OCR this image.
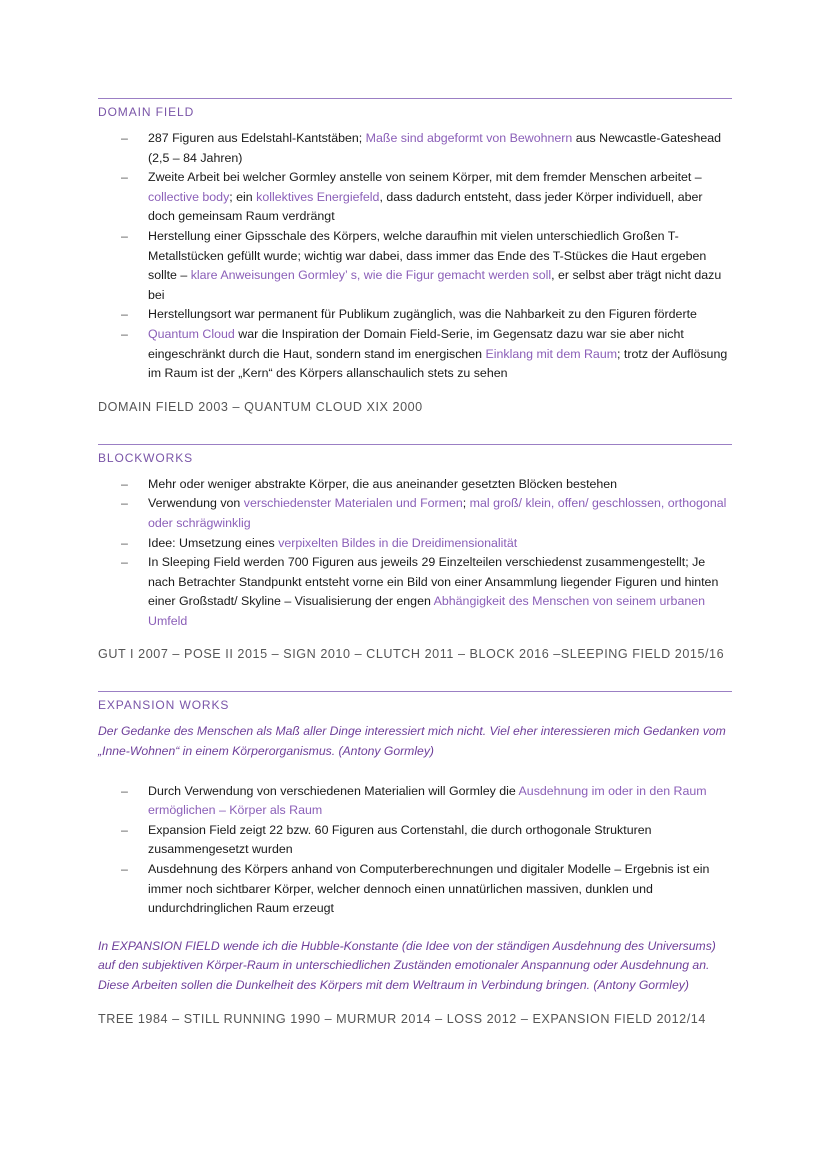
DOMAIN FIELD
– 287 Figuren aus Edelstahl-Kantstäben; Maße sind abgeformt von Bewohnern aus Newcastle-Gateshead (2,5 – 84 Jahren)
– Zweite Arbeit bei welcher Gormley anstelle von seinem Körper, mit dem fremder Menschen arbeitet – collective body; ein kollektives Energiefeld, dass dadurch entsteht, dass jeder Körper individuell, aber doch gemeinsam Raum verdrängt
– Herstellung einer Gipsschale des Körpers, welche daraufhin mit vielen unterschiedlich Großen T-Metallstücken gefüllt wurde; wichtig war dabei, dass immer das Ende des T-Stückes die Haut ergeben sollte – klare Anweisungen Gormley’ s, wie die Figur gemacht werden soll, er selbst aber trägt nicht dazu bei
– Herstellungsort war permanent für Publikum zugänglich, was die Nahbarkeit zu den Figuren förderte
– Quantum Cloud war die Inspiration der Domain Field-Serie, im Gegensatz dazu war sie aber nicht eingeschränkt durch die Haut, sondern stand im energischen Einklang mit dem Raum; trotz der Auflösung im Raum ist der „Kern“ des Körpers allanschaulich stets zu sehen
DOMAIN FIELD 2003 – QUANTUM CLOUD XIX 2000
BLOCKWORKS
– Mehr oder weniger abstrakte Körper, die aus aneinander gesetzten Blöcken bestehen
– Verwendung von verschiedenster Materialen und Formen; mal groß/ klein, offen/ geschlossen, orthogonal oder schrägwinklig
– Idee: Umsetzung eines verpixelten Bildes in die Dreidimensionalität
– In Sleeping Field werden 700 Figuren aus jeweils 29 Einzelteilen verschiedenst zusammengestellt; Je nach Betrachter Standpunkt entsteht vorne ein Bild von einer Ansammlung liegender Figuren und hinten einer Großstadt/ Skyline – Visualisierung der engen Abhängigkeit des Menschen von seinem urbanen Umfeld
GUT I 2007 – POSE II 2015 – SIGN 2010 – CLUTCH 2011 – BLOCK 2016 –SLEEPING FIELD 2015/16
EXPANSION WORKS

Der Gedanke des Menschen als Maß aller Dinge interessiert mich nicht. Viel eher interessieren mich Gedanken vom „Inne-Wohnen“ in einem Körperorganismus. (Antony Gormley)

– Durch Verwendung von verschiedenen Materialien will Gormley die Ausdehnung im oder in den Raum ermöglichen – Körper als Raum
– Expansion Field zeigt 22 bzw. 60 Figuren aus Cortenstahl, die durch orthogonale Strukturen zusammengesetzt wurden
– Ausdehnung des Körpers anhand von Computerberechnungen und digitaler Modelle – Ergebnis ist ein immer noch sichtbarer Körper, welcher dennoch einen unnatürlichen massiven, dunklen und undurchdringlichen Raum erzeugt

In EXPANSION FIELD wende ich die Hubble-Konstante (die Idee von der ständigen Ausdehnung des Universums) auf den subjektiven Körper-Raum in unterschiedlichen Zuständen emotionaler Anspannung oder Ausdehnung an. Diese Arbeiten sollen die Dunkelheit des Körpers mit dem Weltraum in Verbindung bringen. (Antony Gormley)

TREE 1984 – STILL RUNNING 1990 – MURMUR 2014 – LOSS 2012 – EXPANSION FIELD 2012/14
